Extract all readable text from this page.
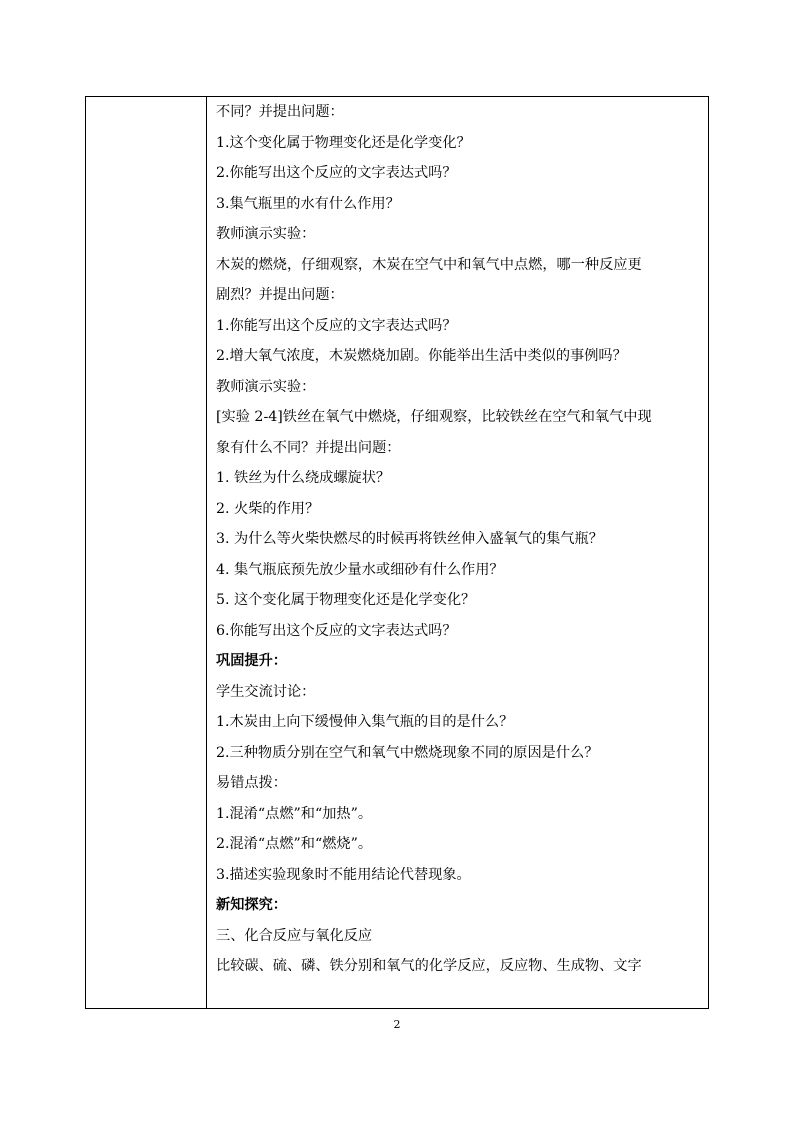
不同？并提出问题：
1.这个变化属于物理变化还是化学变化？
2.你能写出这个反应的文字表达式吗？
3.集气瓶里的水有什么作用？
教师演示实验：
木炭的燃烧，仔细观察，木炭在空气中和氧气中点燃，哪一种反应更
剧烈？并提出问题：
1.你能写出这个反应的文字表达式吗？
2.增大氧气浓度，木炭燃烧加剧。你能举出生活中类似的事例吗？
教师演示实验：
[实验 2-4]铁丝在氧气中燃烧，仔细观察，比较铁丝在空气和氧气中现
象有什么不同？并提出问题：
1. 铁丝为什么绕成螺旋状？
2. 火柴的作用？
3. 为什么等火柴快燃尽的时候再将铁丝伸入盛氧气的集气瓶？
4. 集气瓶底预先放少量水或细砂有什么作用？
5. 这个变化属于物理变化还是化学变化？
6.你能写出这个反应的文字表达式吗？
巩固提升：
学生交流讨论：
1.木炭由上向下缓慢伸入集气瓶的目的是什么？
2.三种物质分别在空气和氧气中燃烧现象不同的原因是什么？
易错点拨：
1.混淆“点燃”和“加热”。
2.混淆“点燃”和“燃烧”。
3.描述实验现象时不能用结论代替现象。
新知探究：
三、化合反应与氧化反应
比较碳、硫、磷、铁分别和氧气的化学反应，反应物、生成物、文字
2
